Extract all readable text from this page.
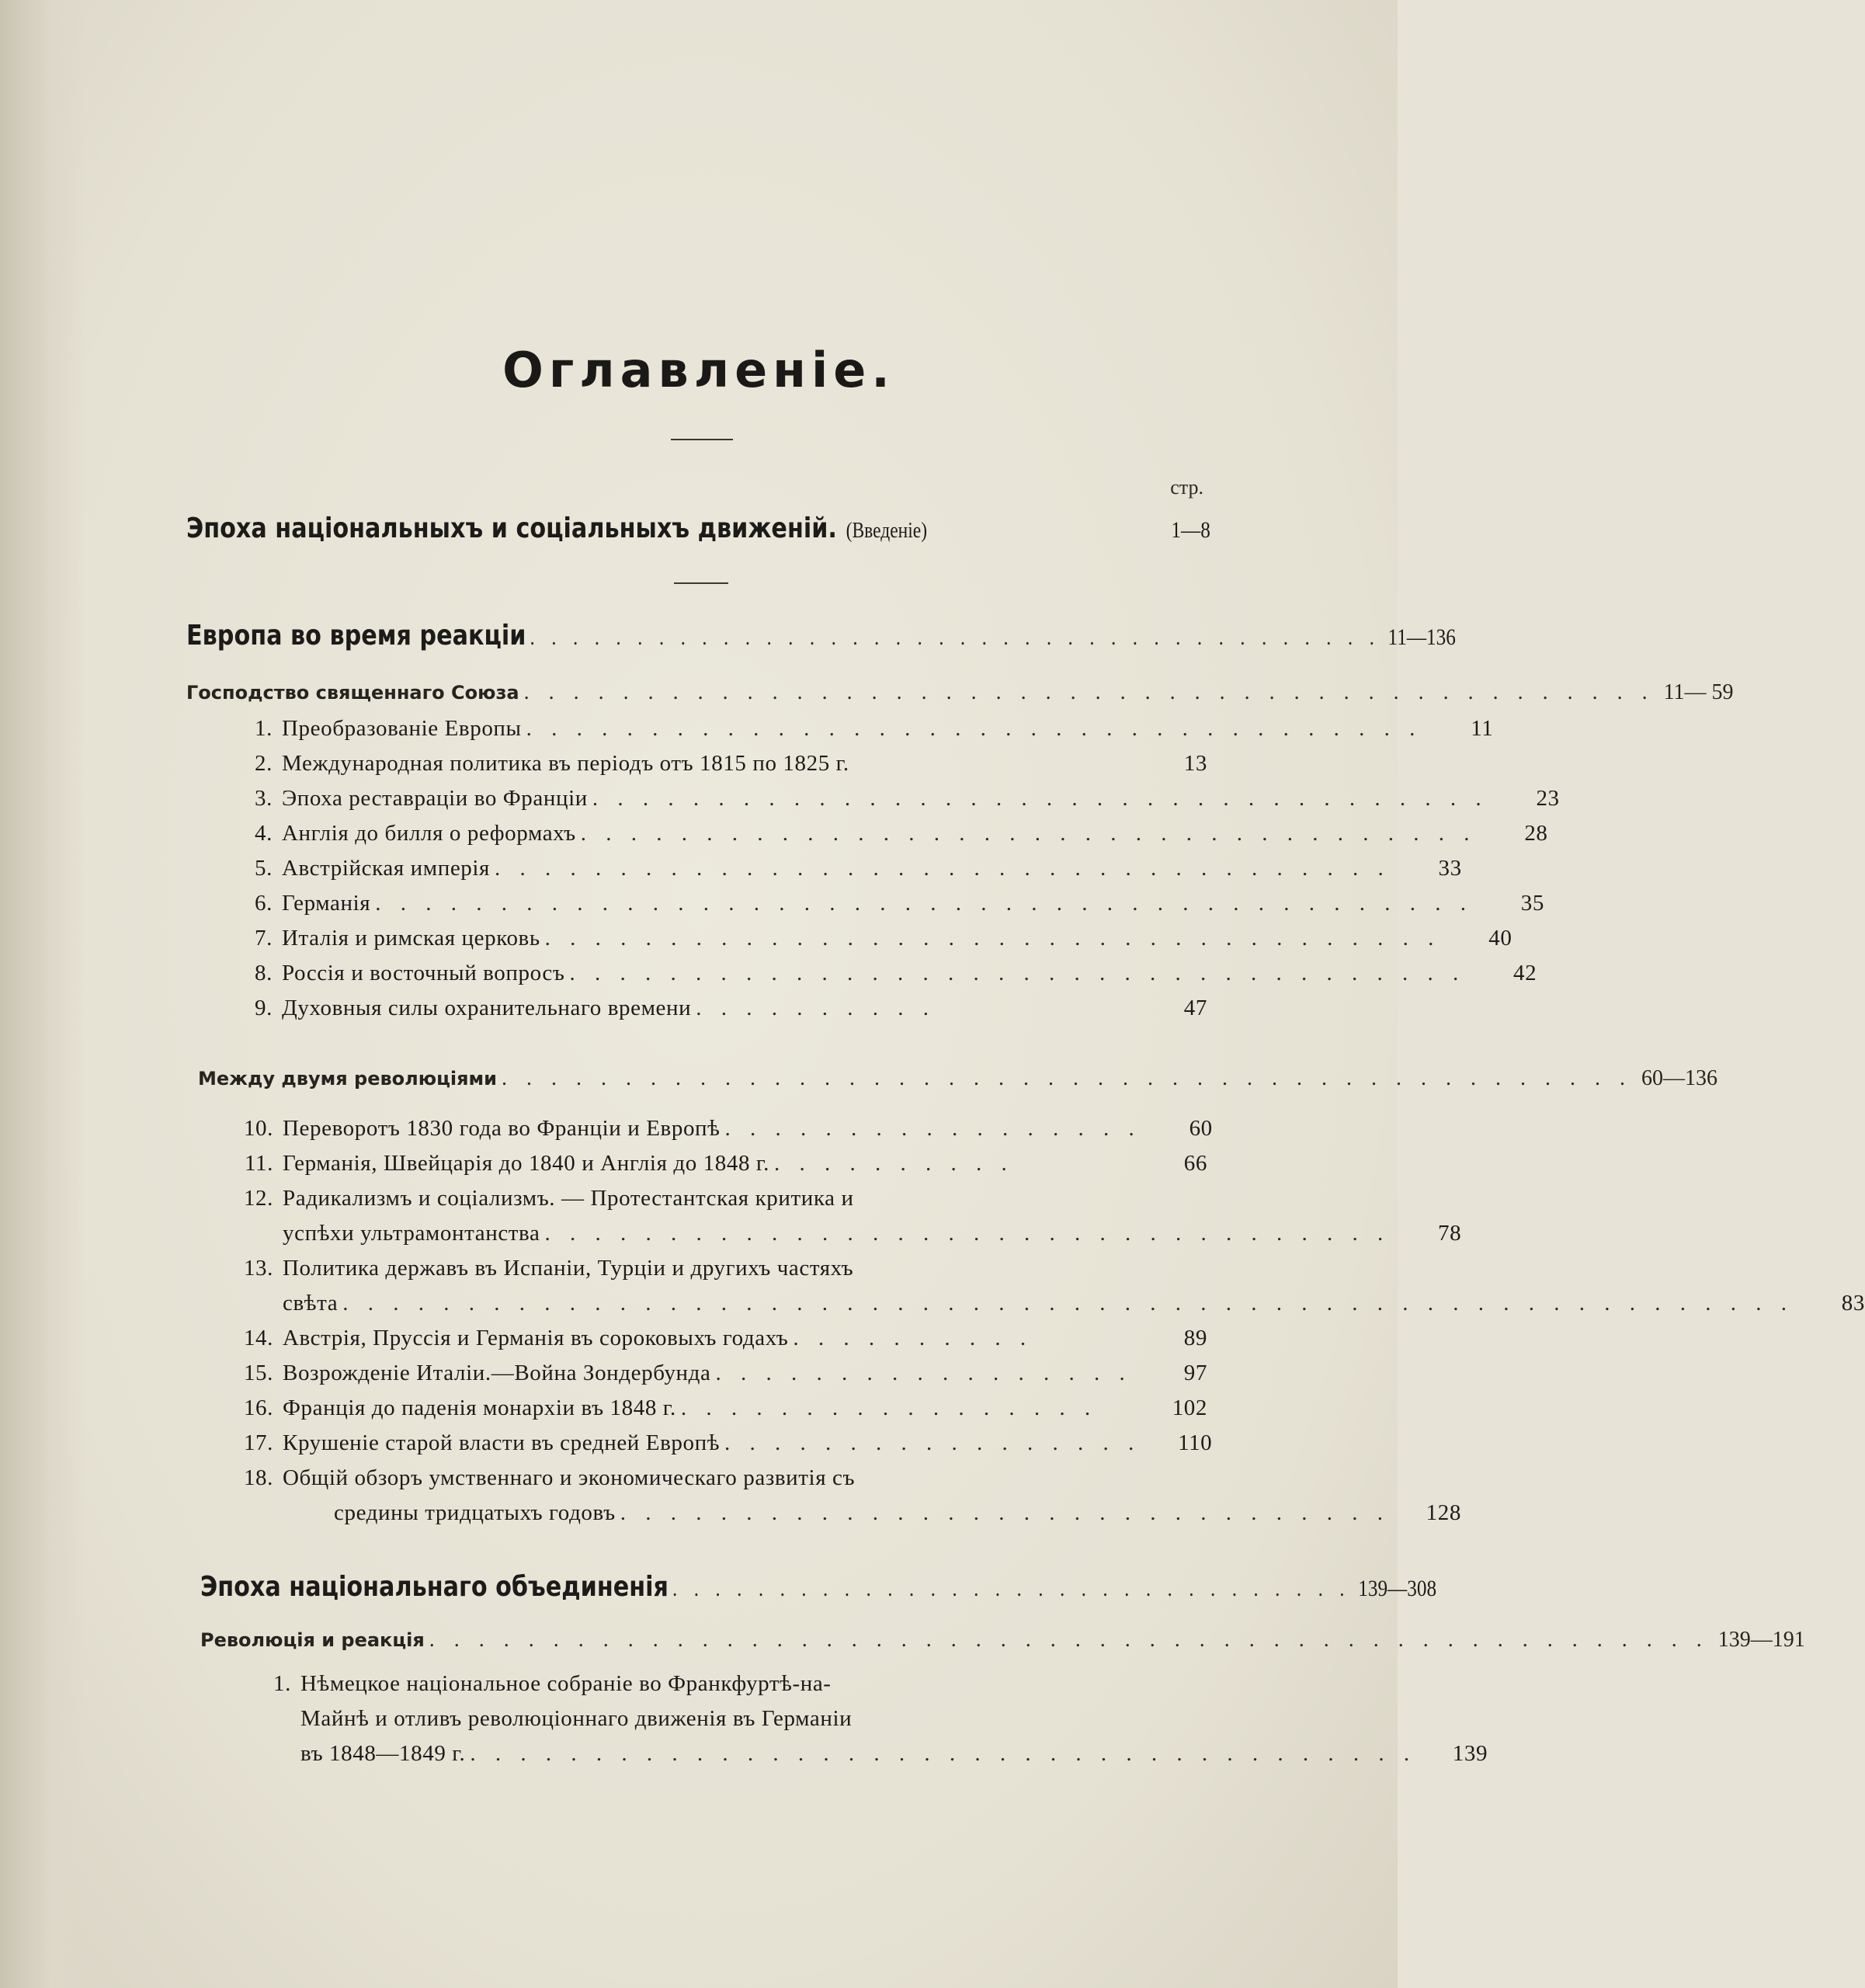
Оглавленіе.
стр.
Эпоха національныхъ и соціальныхъ движеній. (Введеніе)	1—8
Европа во время реакціи . . . . . . . . . . . . . . . . . . . . . . . . . . . . . . . . . . . . . . . . 11—136
Господство священнаго Союза . . . . . . . . . . . . . . . . . . . . . . . . . . . . . . . . . . . . . . . . . . . . . . 11— 59
1. Преобразованіе Европы . . . . . . . . . . . . . . . . . . . . . . . . . . . . . . . . . . . .	11
2. Международная политика въ періодъ отъ 1815 по 1825 г.	13
3. Эпоха реставраціи во Франціи . . . . . . . . . . . . . . . . . . . . . . . . . . . . . . . . . . . .	23
4. Англія до билля о реформахъ . . . . . . . . . . . . . . . . . . . . . . . . . . . . . . . . . . . .	28
5. Австрійская имперія . . . . . . . . . . . . . . . . . . . . . . . . . . . . . . . . . . . .	33
6. Германія . . . . . . . . . . . . . . . . . . . . . . . . . . . . . . . . . . . . . . . . . . . .	35
7. Италія и римская церковь . . . . . . . . . . . . . . . . . . . . . . . . . . . . . . . . . . . .	40
8. Россія и восточный вопросъ . . . . . . . . . . . . . . . . . . . . . . . . . . . . . . . . . . . .	42
9. Духовныя силы охранительнаго времени . . . . . . . . . .	47
Между двумя революціями . . . . . . . . . . . . . . . . . . . . . . . . . . . . . . . . . . . . . . . . . . . . . . 60—136
10. Переворотъ 1830 года во Франціи и Европѣ . . . . . . . . . . . . . . . . .	60
11. Германія, Швейцарія до 1840 и Англія до 1848 г. . . . . . . . . . .	66
12. Радикализмъ и соціализмъ. — Протестантская критика и
успѣхи ультрамонтанства . . . . . . . . . . . . . . . . . . . . . . . . . . . . . . . . . .	78
13. Политика державъ въ Испаніи, Турціи и другихъ частяхъ
свѣта . . . . . . . . . . . . . . . . . . . . . . . . . . . . . . . . . . . . . . . . . . . . . . . . . . . . . . . . . .	83
14. Австрія, Пруссія и Германія въ сороковыхъ годахъ . . . . . . . . . .	89
15. Возрожденіе Италіи.—Война Зондербунда . . . . . . . . . . . . . . . . .	97
16. Франція до паденія монархіи въ 1848 г. . . . . . . . . . . . . . . . . .	102
17. Крушеніе старой власти въ средней Европѣ . . . . . . . . . . . . . . . . .	110
18. Общій обзоръ умственнаго и экономическаго развитія съ
средины тридцатыхъ годовъ . . . . . . . . . . . . . . . . . . . . . . . . . . . . . . .	128
Эпоха національнаго объединенія . . . . . . . . . . . . . . . . . . . . . . . . . . . . . . . . 139—308
Революція и реакція . . . . . . . . . . . . . . . . . . . . . . . . . . . . . . . . . . . . . . . . . . . . . . . . . . . . 139—191
1. Нѣмецкое національное собраніе во Франкфуртѣ-на-
Майнѣ и отливъ революціоннаго движенія въ Германіи
въ 1848—1849 г. . . . . . . . . . . . . . . . . . . . . . . . . . . . . . . . . . . . . . .	139
